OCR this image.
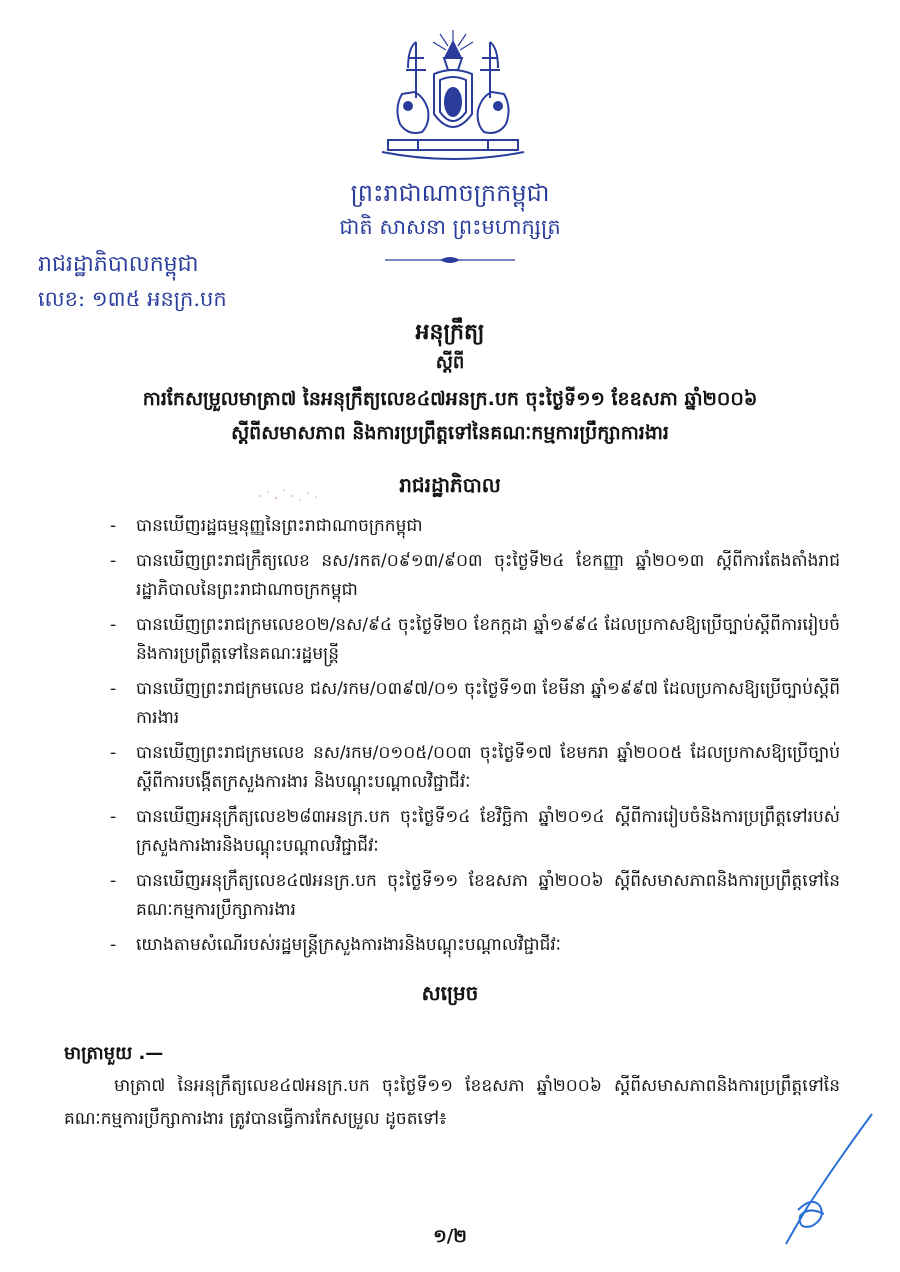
ព្រះរាជាណាចក្រកម្ពុជា
ជាតិ សាសនា ព្រះមហាក្សត្រ
រាជរដ្ឋាភិបាលកម្ពុជា
លេខ: ១៣៥ អនក្រ.បក
អនុក្រឹត្យ
ស្តីពី
ការកែសម្រួលមាត្រា៧ នៃអនុក្រឹត្យលេខ៤៧អនក្រ.បក ចុះថ្ងៃទី១១ ខែឧសភា ឆ្នាំ២០០៦
ស្តីពីសមាសភាព និងការប្រព្រឹត្តទៅនៃគណៈកម្មការប្រឹក្សាការងារ
រាជរដ្ឋាភិបាល
- បានឃើញរដ្ឋធម្មនុញ្ញនៃព្រះរាជាណាចក្រកម្ពុជា
- បានឃើញព្រះរាជក្រឹត្យលេខ នស/រកត/០៩១៣/៩០៣ ចុះថ្ងៃទី២៤ ខែកញ្ញា ឆ្នាំ២០១៣ ស្តីពីការតែងតាំងរាជរដ្ឋាភិបាលនៃព្រះរាជាណាចក្រកម្ពុជា
- បានឃើញព្រះរាជក្រមលេខ០២/នស/៩៤ ចុះថ្ងៃទី២០ ខែកក្កដា ឆ្នាំ១៩៩៤ ដែលប្រកាសឱ្យប្រើច្បាប់ស្តីពីការរៀបចំនិងការប្រព្រឹត្តទៅនៃគណៈរដ្ឋមន្ត្រី
- បានឃើញព្រះរាជក្រមលេខ ជស/រកម/០៣៩៧/០១ ចុះថ្ងៃទី១៣ ខែមីនា ឆ្នាំ១៩៩៧ ដែលប្រកាសឱ្យប្រើច្បាប់ស្តីពីការងារ
- បានឃើញព្រះរាជក្រមលេខ នស/រកម/០១០៥/០០៣ ចុះថ្ងៃទី១៧ ខែមករា ឆ្នាំ២០០៥ ដែលប្រកាសឱ្យប្រើច្បាប់ស្តីពីការបង្កើតក្រសួងការងារ និងបណ្តុះបណ្តាលវិជ្ជាជីវៈ
- បានឃើញអនុក្រឹត្យលេខ២៨៣អនក្រ.បក ចុះថ្ងៃទី១៤ ខែវិច្ឆិកា ឆ្នាំ២០១៤ ស្តីពីការរៀបចំនិងការប្រព្រឹត្តទៅរបស់ក្រសួងការងារនិងបណ្តុះបណ្តាលវិជ្ជាជីវៈ
- បានឃើញអនុក្រឹត្យលេខ៤៧អនក្រ.បក ចុះថ្ងៃទី១១ ខែឧសភា ឆ្នាំ២០០៦ ស្តីពីសមាសភាពនិងការប្រព្រឹត្តទៅនៃគណៈកម្មការប្រឹក្សាការងារ
- យោងតាមសំណើរបស់រដ្ឋមន្ត្រីក្រសួងការងារនិងបណ្តុះបណ្តាលវិជ្ជាជីវៈ
សម្រេច
មាត្រាមួយ .—
មាត្រា៧ នៃអនុក្រឹត្យលេខ៤៧អនក្រ.បក ចុះថ្ងៃទី១១ ខែឧសភា ឆ្នាំ២០០៦ ស្តីពីសមាសភាពនិងការប្រព្រឹត្តទៅនៃគណៈកម្មការប្រឹក្សាការងារ ត្រូវបានធ្វើការកែសម្រួល ដូចតទៅ៖
១/២
